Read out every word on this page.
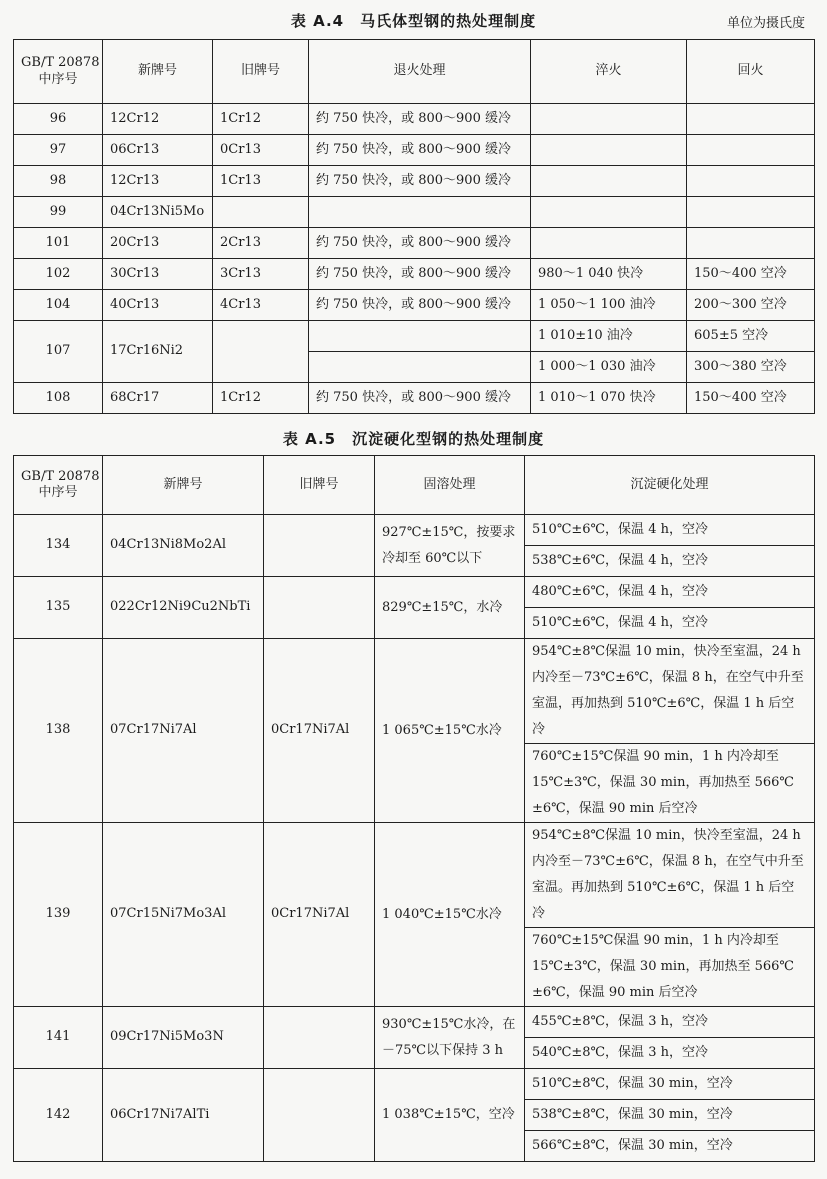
表 A.4　马氏体型钢的热处理制度	单位为摄氏度
GB/T 20878
中序号	新牌号	旧牌号	退火处理	淬火	回火
96	12Cr12	1Cr12	约 750 快冷，或 800～900 缓冷		
97	06Cr13	0Cr13	约 750 快冷，或 800～900 缓冷		
98	12Cr13	1Cr13	约 750 快冷，或 800～900 缓冷		
99	04Cr13Ni5Mo				
101	20Cr13	2Cr13	约 750 快冷，或 800～900 缓冷		
102	30Cr13	3Cr13	约 750 快冷，或 800～900 缓冷	980～1 040 快冷	150～400 空冷
104	40Cr13	4Cr13	约 750 快冷，或 800～900 缓冷	1 050～1 100 油冷	200～300 空冷
107	17Cr16Ni2			1 010±10 油冷	605±5 空冷
				1 000～1 030 油冷	300～380 空冷
108	68Cr17	1Cr12	约 750 快冷，或 800～900 缓冷	1 010～1 070 快冷	150～400 空冷
表 A.5　沉淀硬化型钢的热处理制度
GB/T 20878
中序号	新牌号	旧牌号	固溶处理	沉淀硬化处理
134	04Cr13Ni8Mo2Al		927℃±15℃，按要求冷却至 60℃以下	510℃±6℃，保温 4 h，空冷
				538℃±6℃，保温 4 h，空冷
135	022Cr12Ni9Cu2NbTi		829℃±15℃，水冷	480℃±6℃，保温 4 h，空冷
				510℃±6℃，保温 4 h，空冷
138	07Cr17Ni7Al	0Cr17Ni7Al	1 065℃±15℃水冷	954℃±8℃保温 10 min，快冷至室温，24 h内冷至－73℃±6℃，保温 8 h，在空气中升至室温，再加热到 510℃±6℃，保温 1 h 后空冷
				760℃±15℃保温 90 min，1 h 内冷却至 15℃±3℃，保温 30 min，再加热至 566℃±6℃，保温 90 min 后空冷
139	07Cr15Ni7Mo3Al	0Cr17Ni7Al	1 040℃±15℃水冷	954℃±8℃保温 10 min，快冷至室温，24 h内冷至－73℃±6℃，保温 8 h，在空气中升至室温。再加热到 510℃±6℃，保温 1 h 后空冷
				760℃±15℃保温 90 min，1 h 内冷却至 15℃±3℃，保温 30 min，再加热至 566℃±6℃，保温 90 min 后空冷
141	09Cr17Ni5Mo3N		930℃±15℃水冷，在－75℃以下保持 3 h	455℃±8℃，保温 3 h，空冷
				540℃±8℃，保温 3 h，空冷
142	06Cr17Ni7AlTi		1 038℃±15℃，空冷	510℃±8℃，保温 30 min，空冷
				538℃±8℃，保温 30 min，空冷
				566℃±8℃，保温 30 min，空冷
